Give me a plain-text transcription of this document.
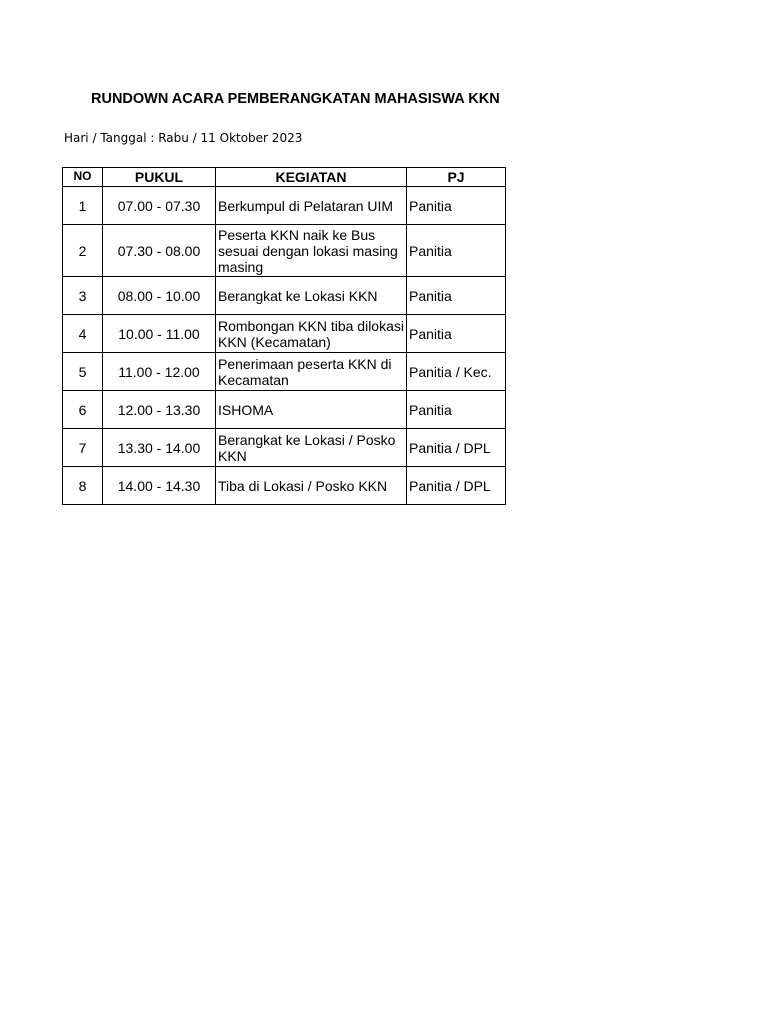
RUNDOWN ACARA PEMBERANGKATAN MAHASISWA KKN
Hari / Tanggal : Rabu / 11 Oktober 2023
NO	PUKUL	KEGIATAN	PJ
1	07.00 - 07.30	Berkumpul di Pelataran UIM	Panitia
2	07.30 - 08.00	Peserta KKN naik ke Bus sesuai dengan lokasi masing masing	Panitia
3	08.00 - 10.00	Berangkat ke Lokasi KKN	Panitia
4	10.00 - 11.00	Rombongan KKN tiba dilokasi KKN (Kecamatan)	Panitia
5	11.00 - 12.00	Penerimaan peserta KKN di Kecamatan	Panitia / Kec.
6	12.00 - 13.30	ISHOMA	Panitia
7	13.30 - 14.00	Berangkat ke Lokasi / Posko KKN	Panitia / DPL
8	14.00 - 14.30	Tiba di Lokasi / Posko KKN	Panitia / DPL
